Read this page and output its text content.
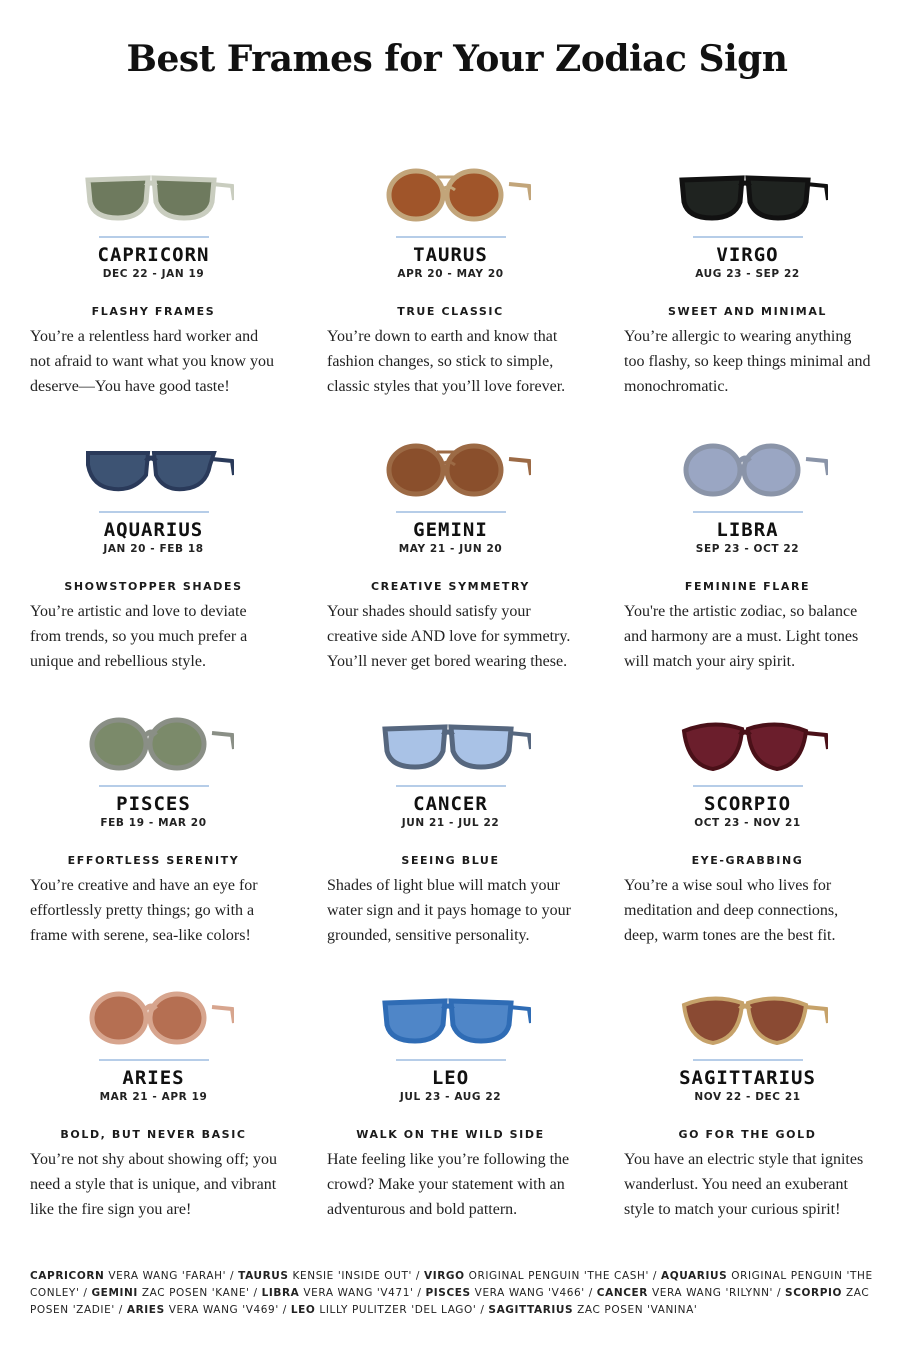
Best Frames for Your Zodiac Sign
CAPRICORN
DEC 22 - JAN 19
FLASHY FRAMES
You’re a relentless hard worker and not afraid to want what you know you deserve—You have good taste!
TAURUS
APR 20 - MAY 20
TRUE CLASSIC
You’re down to earth and know that fashion changes, so stick to simple, classic styles that you’ll love forever.
VIRGO
AUG 23 - SEP 22
SWEET AND MINIMAL
You’re allergic to wearing anything too flashy, so keep things minimal and monochromatic.
AQUARIUS
JAN 20 - FEB 18
SHOWSTOPPER SHADES
You’re artistic and love to deviate from trends, so you much prefer a unique and rebellious style.
GEMINI
MAY 21 - JUN 20
CREATIVE SYMMETRY
Your shades should satisfy your creative side AND love for symmetry. You’ll never get bored wearing these.
LIBRA
SEP 23 - OCT 22
FEMININE FLARE
You're the artistic zodiac, so balance and harmony are a must. Light tones will match your airy spirit.
PISCES
FEB 19 - MAR 20
EFFORTLESS SERENITY
You’re creative and have an eye for effortlessly pretty things; go with a frame with serene, sea-like colors!
CANCER
JUN 21 - JUL 22
SEEING BLUE
Shades of light blue will match your water sign and it pays homage to your grounded, sensitive personality.
SCORPIO
OCT 23 - NOV 21
EYE-GRABBING
You’re a wise soul who lives for meditation and deep connections, deep, warm tones are the best fit.
ARIES
MAR 21 - APR 19
BOLD, BUT NEVER BASIC
You’re not shy about showing off; you need a style that is unique, and vibrant like the fire sign you are!
LEO
JUL 23 - AUG 22
WALK ON THE WILD SIDE
Hate feeling like you’re following the crowd? Make your statement with an adventurous and bold pattern.
SAGITTARIUS
NOV 22 - DEC 21
GO FOR THE GOLD
You have an electric style that ignites wanderlust. You need an exuberant style to match your curious spirit!
CAPRICORN VERA WANG 'FARAH' / TAURUS KENSIE 'INSIDE OUT' / VIRGO ORIGINAL PENGUIN 'THE CASH' / AQUARIUS ORIGINAL PENGUIN 'THE CONLEY' / GEMINI ZAC POSEN 'KANE' / LIBRA VERA WANG 'V471' / PISCES VERA WANG 'V466' / CANCER VERA WANG 'RILYNN' / SCORPIO ZAC POSEN 'ZADIE' / ARIES VERA WANG 'V469' / LEO LILLY PULITZER 'DEL LAGO' / SAGITTARIUS ZAC POSEN 'VANINA'
